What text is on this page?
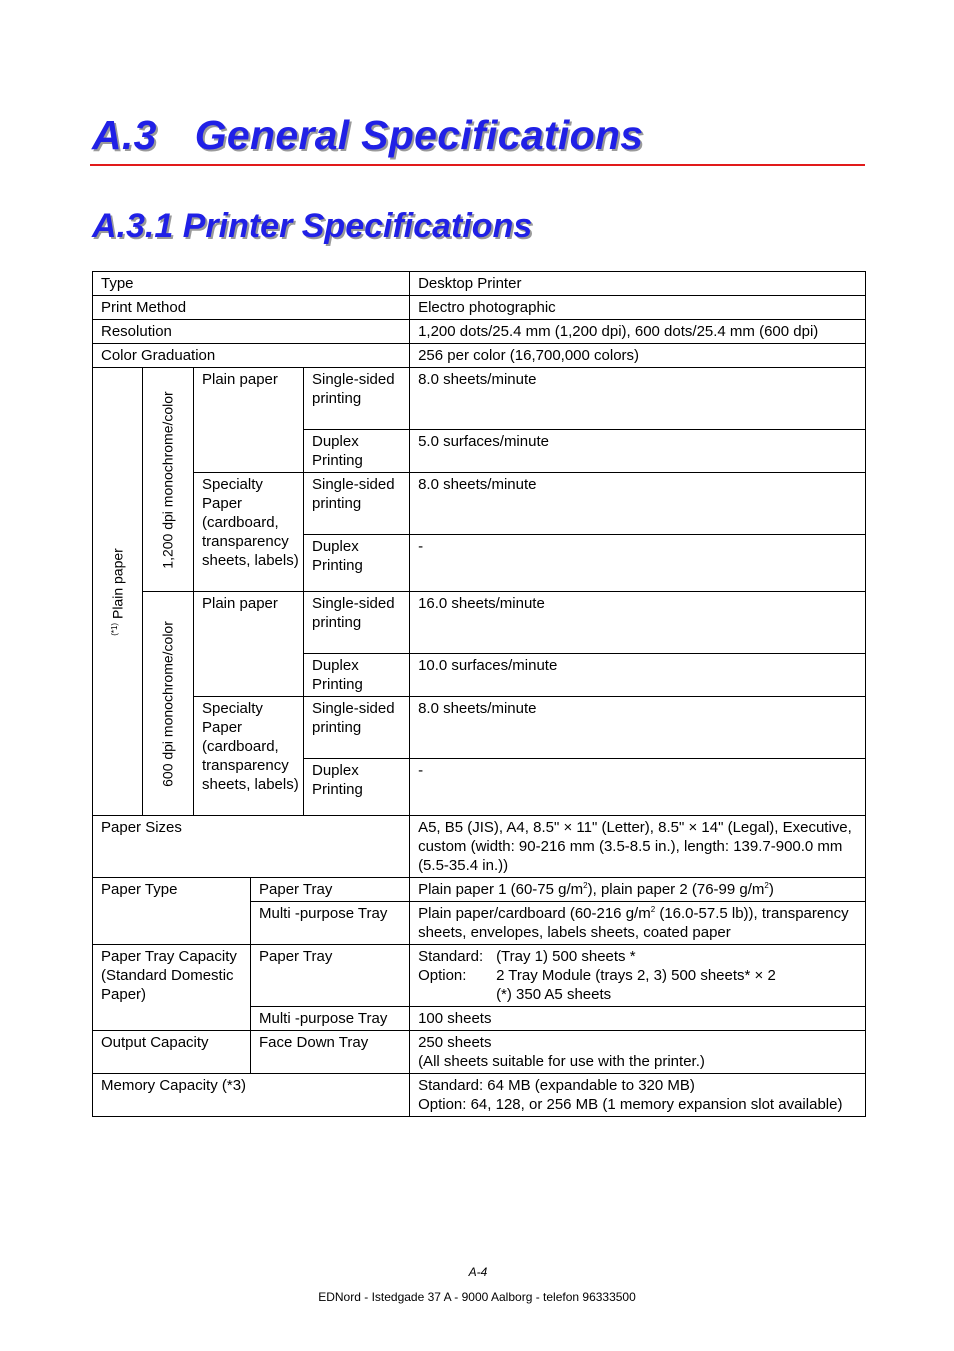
A.3 General Specifications
A.3.1 Printer Specifications
Type					Desktop Printer
Print Method					Electro photographic
Resolution					1,200 dots/25.4 mm (1,200 dpi), 600 dots/25.4 mm (600 dpi)
Color Graduation					256 per color (16,700,000 colors)

$^{(*1)}$ Plain paper	1,200 dpi monochrome/color	Plain paper		Single-sided printing	8.0 sheets/minute
				Duplex Printing	5.0 surfaces/minute
		Specialty Paper (cardboard, transparency sheets, labels)		Single-sided printing	8.0 sheets/minute
				Duplex Printing	-

	600 dpi monochrome/color	Plain paper		Single-sided printing	16.0 sheets/minute
				Duplex Printing	10.0 surfaces/minute
		Specialty Paper (cardboard, transparency sheets, labels)		Single-sided printing	8.0 sheets/minute
				Duplex Printing	-
Paper Sizes					A5, B5 (JIS), A4, 8.5" × 11" (Letter), 8.5" × 14" (Legal), Executive, custom (width: 90-216 mm (3.5-8.5 in.), length: 139.7-900.0 mm (5.5-35.4 in.))
Paper Type			Paper Tray		Plain paper 1 (60-75 $g/m^2$), plain paper 2 (76-99 $g/m^2$)
			Multi -purpose Tray		Plain paper/cardboard (60-216 $g/m^2$ (16.0-57.5 lb)), transparency sheets, envelopes, labels sheets, coated paper
Paper Tray Capacity (Standard Domestic Paper)			Paper Tray		Standard: (Tray 1) 500 sheets *
Option: 2 Tray Module (trays 2, 3) 500 sheets* × 2
(*) 350 A5 sheets

			Multi -purpose Tray		100 sheets
Output Capacity			Face Down Tray		250 sheets
(All sheets suitable for use with the printer.)

Memory Capacity (*3)					Standard: 64 MB (expandable to 320 MB)
Option: 64, 128, or 256 MB (1 memory expansion slot available)
A-4
EDNord - Istedgade 37 A - 9000 Aalborg - telefon 96333500
